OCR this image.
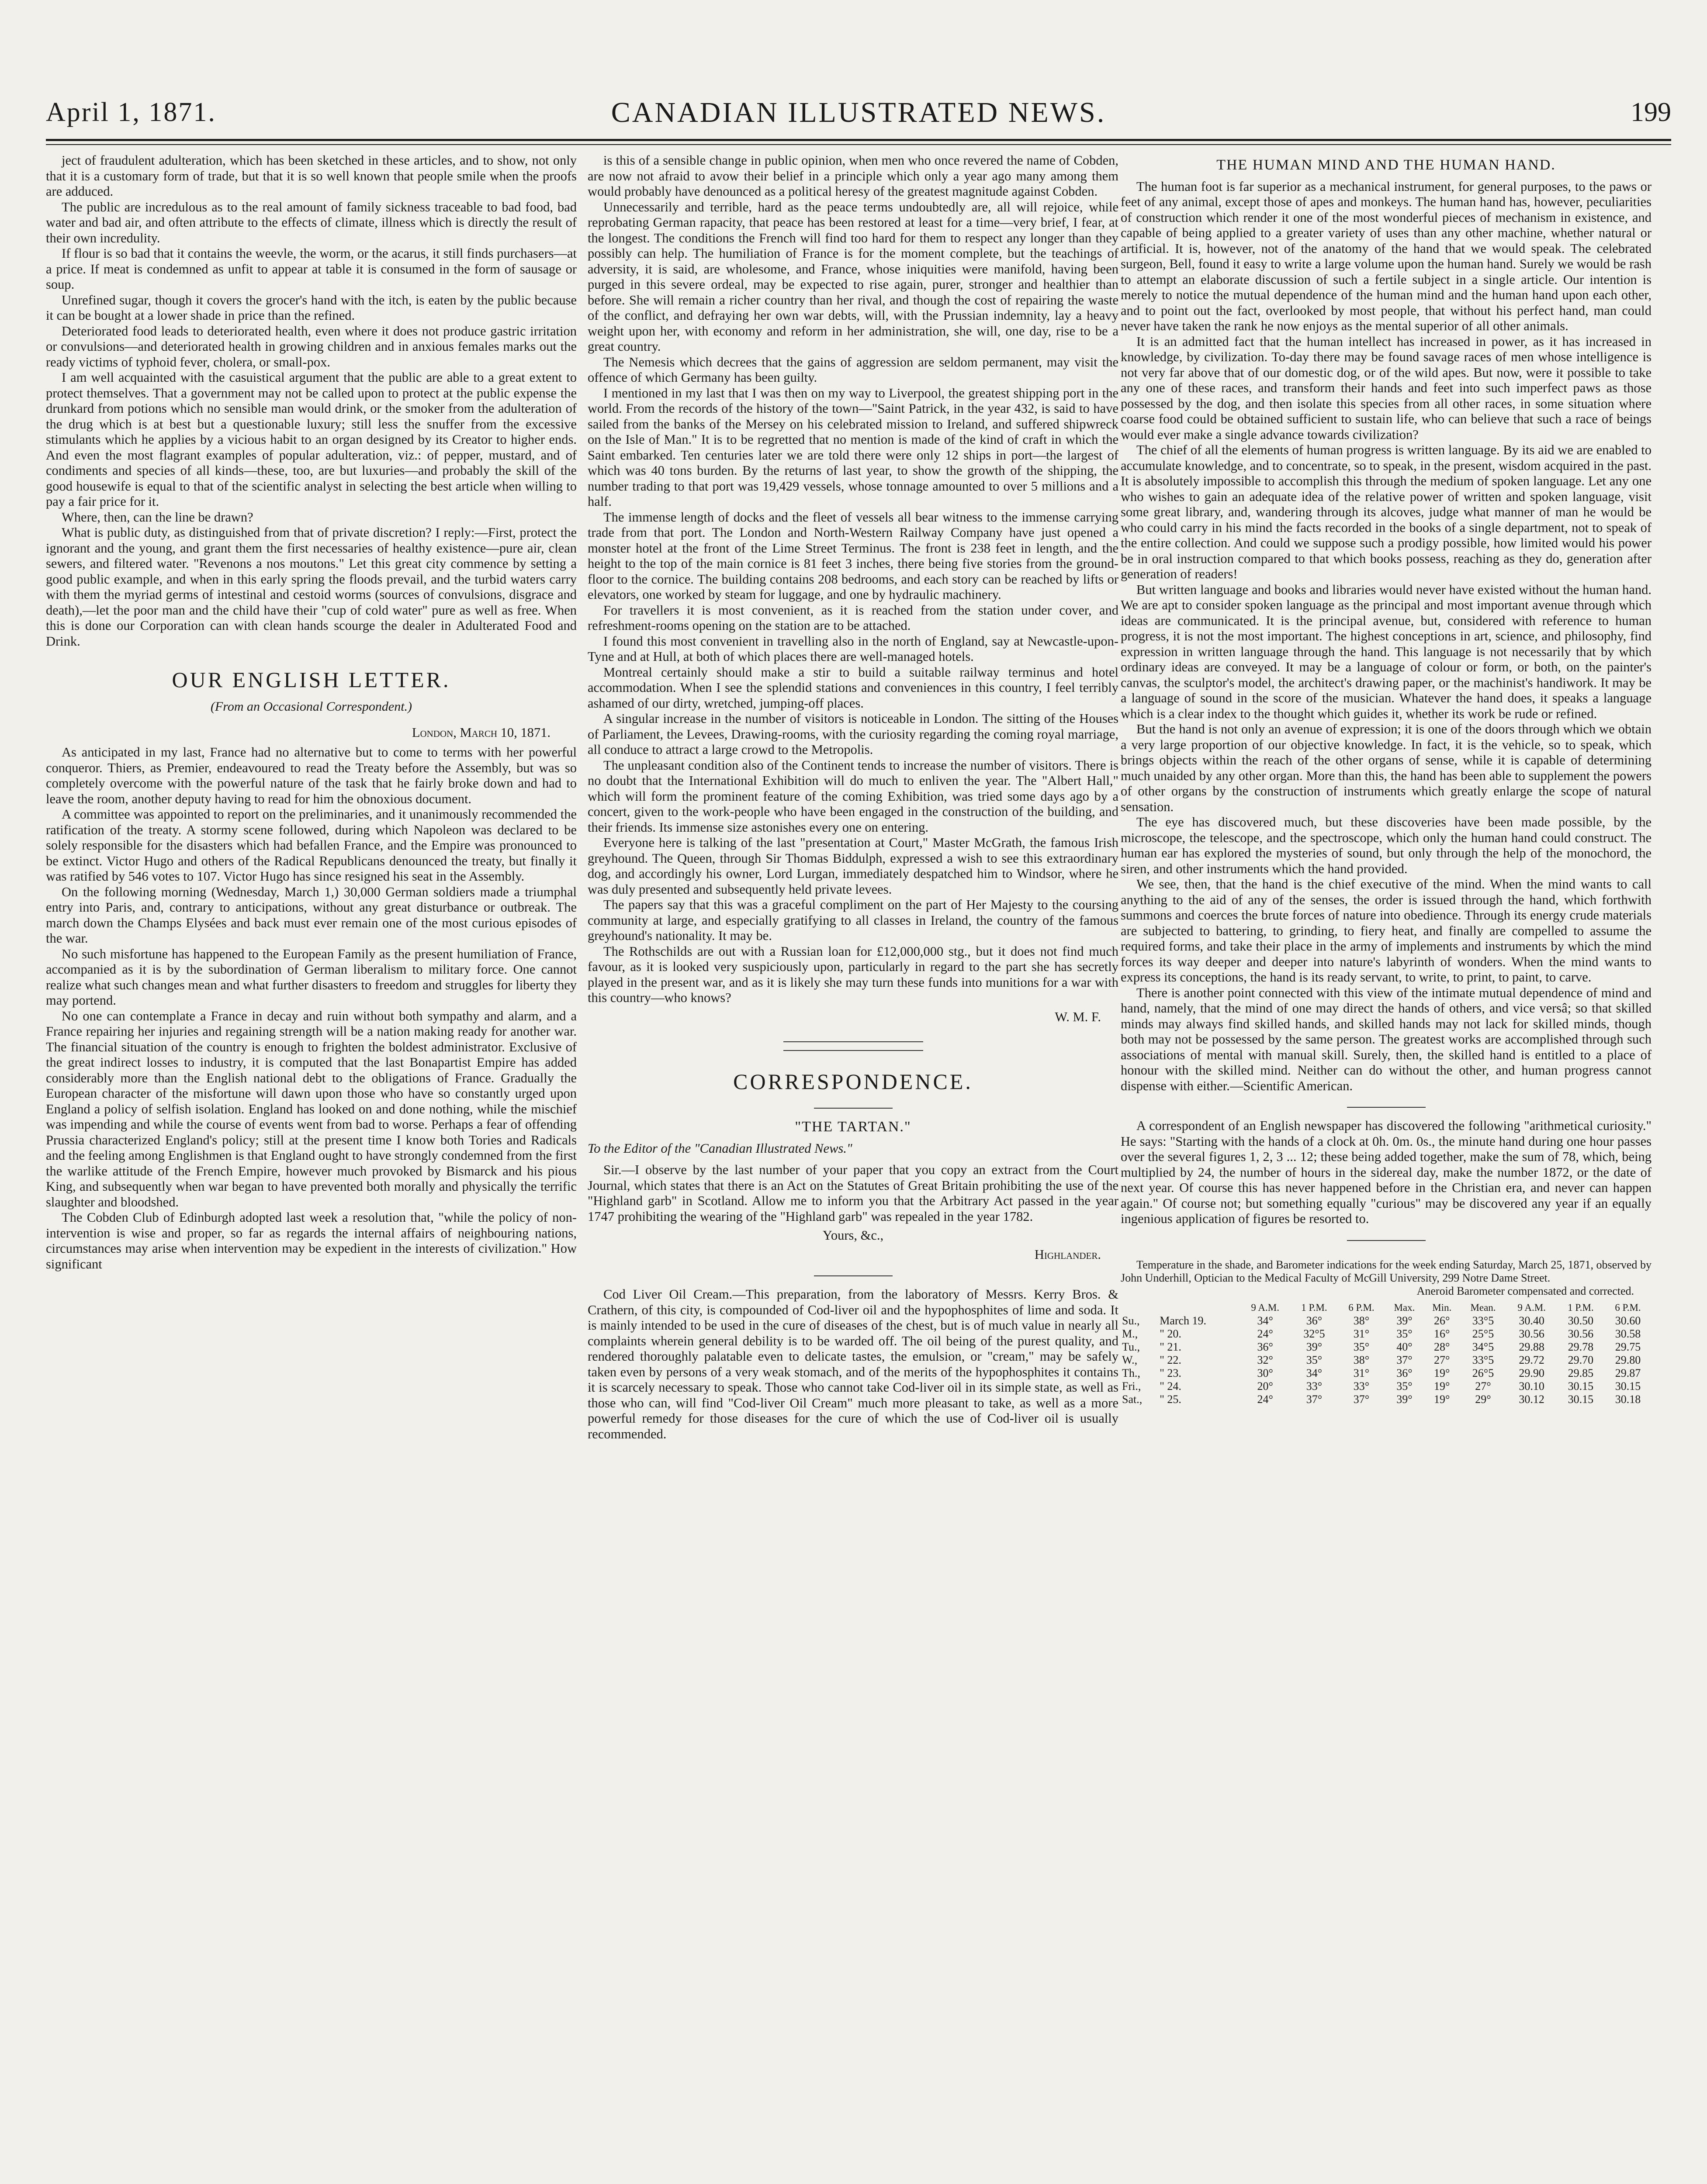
April 1, 1871.	CANADIAN ILLUSTRATED NEWS.	199

ject of fraudulent adulteration, which has been sketched in these articles, and to show, not only that it is a customary form of trade, but that it is so well known that people smile when the proofs are adduced.

The public are incredulous as to the real amount of family sickness traceable to bad food, bad water and bad air, and often attribute to the effects of climate, illness which is directly the result of their own incredulity.

If flour is so bad that it contains the weevle, the worm, or the acarus, it still finds purchasers—at a price. If meat is condemned as unfit to appear at table it is consumed in the form of sausage or soup.

Unrefined sugar, though it covers the grocer's hand with the itch, is eaten by the public because it can be bought at a lower shade in price than the refined.

Deteriorated food leads to deteriorated health, even where it does not produce gastric irritation or convulsions—and deteriorated health in growing children and in anxious females marks out the ready victims of typhoid fever, cholera, or small-pox.

I am well acquainted with the casuistical argument that the public are able to a great extent to protect themselves. That a government may not be called upon to protect at the public expense the drunkard from potions which no sensible man would drink, or the smoker from the adulteration of the drug which is at best but a questionable luxury; still less the snuffer from the excessive stimulants which he applies by a vicious habit to an organ designed by its Creator to higher ends. And even the most flagrant examples of popular adulteration, viz.: of pepper, mustard, and of condiments and species of all kinds—these, too, are but luxuries—and probably the skill of the good housewife is equal to that of the scientific analyst in selecting the best article when willing to pay a fair price for it.

Where, then, can the line be drawn?

What is public duty, as distinguished from that of private discretion? I reply:—First, protect the ignorant and the young, and grant them the first necessaries of healthy existence—pure air, clean sewers, and filtered water. "Revenons a nos moutons." Let this great city commence by setting a good public example, and when in this early spring the floods prevail, and the turbid waters carry with them the myriad germs of intestinal and cestoid worms (sources of convulsions, disgrace and death),—let the poor man and the child have their "cup of cold water" pure as well as free. When this is done our Corporation can with clean hands scourge the dealer in Adulterated Food and Drink.

OUR ENGLISH LETTER.
(From an Occasional Correspondent.)

London, March 10, 1871.

As anticipated in my last, France had no alternative but to come to terms with her powerful conqueror. Thiers, as Premier, endeavoured to read the Treaty before the Assembly, but was so completely overcome with the powerful nature of the task that he fairly broke down and had to leave the room, another deputy having to read for him the obnoxious document.

A committee was appointed to report on the preliminaries, and it unanimously recommended the ratification of the treaty. A stormy scene followed, during which Napoleon was declared to be solely responsible for the disasters which had befallen France, and the Empire was pronounced to be extinct. Victor Hugo and others of the Radical Republicans denounced the treaty, but finally it was ratified by 546 votes to 107. Victor Hugo has since resigned his seat in the Assembly.

On the following morning (Wednesday, March 1,) 30,000 German soldiers made a triumphal entry into Paris, and, contrary to anticipations, without any great disturbance or outbreak. The march down the Champs Elysées and back must ever remain one of the most curious episodes of the war.

No such misfortune has happened to the European Family as the present humiliation of France, accompanied as it is by the subordination of German liberalism to military force. One cannot realize what such changes mean and what further disasters to freedom and struggles for liberty they may portend.

No one can contemplate a France in decay and ruin without both sympathy and alarm, and a France repairing her injuries and regaining strength will be a nation making ready for another war. The financial situation of the country is enough to frighten the boldest administrator. Exclusive of the great indirect losses to industry, it is computed that the last Bonapartist Empire has added considerably more than the English national debt to the obligations of France. Gradually the European character of the misfortune will dawn upon those who have so constantly urged upon England a policy of selfish isolation. England has looked on and done nothing, while the mischief was impending and while the course of events went from bad to worse. Perhaps a fear of offending Prussia characterized England's policy; still at the present time I know both Tories and Radicals and the feeling among Englishmen is that England ought to have strongly condemned from the first the warlike attitude of the French Empire, however much provoked by Bismarck and his pious King, and subsequently when war began to have prevented both morally and physically the terrific slaughter and bloodshed.

The Cobden Club of Edinburgh adopted last week a resolution that, "while the policy of non-intervention is wise and proper, so far as regards the internal affairs of neighbouring nations, circumstances may arise when intervention may be expedient in the interests of civilization." How significant

is this of a sensible change in public opinion, when men who once revered the name of Cobden, are now not afraid to avow their belief in a principle which only a year ago many among them would probably have denounced as a political heresy of the greatest magnitude against Cobden.

Unnecessarily and terrible, hard as the peace terms undoubtedly are, all will rejoice, while reprobating German rapacity, that peace has been restored at least for a time—very brief, I fear, at the longest. The conditions the French will find too hard for them to respect any longer than they possibly can help. The humiliation of France is for the moment complete, but the teachings of adversity, it is said, are wholesome, and France, whose iniquities were manifold, having been purged in this severe ordeal, may be expected to rise again, purer, stronger and healthier than before. She will remain a richer country than her rival, and though the cost of repairing the waste of the conflict, and defraying her own war debts, will, with the Prussian indemnity, lay a heavy weight upon her, with economy and reform in her administration, she will, one day, rise to be a great country.

The Nemesis which decrees that the gains of aggression are seldom permanent, may visit the offence of which Germany has been guilty.

I mentioned in my last that I was then on my way to Liverpool, the greatest shipping port in the world. From the records of the history of the town—"Saint Patrick, in the year 432, is said to have sailed from the banks of the Mersey on his celebrated mission to Ireland, and suffered shipwreck on the Isle of Man." It is to be regretted that no mention is made of the kind of craft in which the Saint embarked. Ten centuries later we are told there were only 12 ships in port—the largest of which was 40 tons burden. By the returns of last year, to show the growth of the shipping, the number trading to that port was 19,429 vessels, whose tonnage amounted to over 5 millions and a half.

The immense length of docks and the fleet of vessels all bear witness to the immense carrying trade from that port. The London and North-Western Railway Company have just opened a monster hotel at the front of the Lime Street Terminus. The front is 238 feet in length, and the height to the top of the main cornice is 81 feet 3 inches, there being five stories from the ground-floor to the cornice. The building contains 208 bedrooms, and each story can be reached by lifts or elevators, one worked by steam for luggage, and one by hydraulic machinery.

For travellers it is most convenient, as it is reached from the station under cover, and refreshment-rooms opening on the station are to be attached.

I found this most convenient in travelling also in the north of England, say at Newcastle-upon-Tyne and at Hull, at both of which places there are well-managed hotels.

Montreal certainly should make a stir to build a suitable railway terminus and hotel accommodation. When I see the splendid stations and conveniences in this country, I feel terribly ashamed of our dirty, wretched, jumping-off places.

A singular increase in the number of visitors is noticeable in London. The sitting of the Houses of Parliament, the Levees, Drawing-rooms, with the curiosity regarding the coming royal marriage, all conduce to attract a large crowd to the Metropolis.

The unpleasant condition also of the Continent tends to increase the number of visitors. There is no doubt that the International Exhibition will do much to enliven the year. The "Albert Hall," which will form the prominent feature of the coming Exhibition, was tried some days ago by a concert, given to the work-people who have been engaged in the construction of the building, and their friends. Its immense size astonishes every one on entering.

Everyone here is talking of the last "presentation at Court," Master McGrath, the famous Irish greyhound. The Queen, through Sir Thomas Biddulph, expressed a wish to see this extraordinary dog, and accordingly his owner, Lord Lurgan, immediately despatched him to Windsor, where he was duly presented and subsequently held private levees.

The papers say that this was a graceful compliment on the part of Her Majesty to the coursing community at large, and especially gratifying to all classes in Ireland, the country of the famous greyhound's nationality. It may be.

The Rothschilds are out with a Russian loan for £12,000,000 stg., but it does not find much favour, as it is looked very suspiciously upon, particularly in regard to the part she has secretly played in the present war, and as it is likely she may turn these funds into munitions for a war with this country—who knows?

W. M. F.

CORRESPONDENCE.
"THE TARTAN."

To the Editor of the "Canadian Illustrated News."

Sir.—I observe by the last number of your paper that you copy an extract from the Court Journal, which states that there is an Act on the Statutes of Great Britain prohibiting the use of the "Highland garb" in Scotland. Allow me to inform you that the Arbitrary Act passed in the year 1747 prohibiting the wearing of the "Highland garb" was repealed in the year 1782.

Yours, &c.,

Highlander.

Cod Liver Oil Cream.—This preparation, from the laboratory of Messrs. Kerry Bros. & Crathern, of this city, is compounded of Cod-liver oil and the hypophosphites of lime and soda. It is mainly intended to be used in the cure of diseases of the chest, but is of much value in nearly all complaints wherein general debility is to be warded off. The oil being of the purest quality, and rendered thoroughly palatable even to delicate tastes, the emulsion, or "cream," may be safely taken even by persons of a very weak stomach, and of the merits of the hypophosphites it contains it is scarcely necessary to speak. Those who cannot take Cod-liver oil in its simple state, as well as those who can, will find "Cod-liver Oil Cream" much more pleasant to take, as well as a more powerful remedy for those diseases for the cure of which the use of Cod-liver oil is usually recommended.

THE HUMAN MIND AND THE HUMAN HAND.

The human foot is far superior as a mechanical instrument, for general purposes, to the paws or feet of any animal, except those of apes and monkeys. The human hand has, however, peculiarities of construction which render it one of the most wonderful pieces of mechanism in existence, and capable of being applied to a greater variety of uses than any other machine, whether natural or artificial. It is, however, not of the anatomy of the hand that we would speak. The celebrated surgeon, Bell, found it easy to write a large volume upon the human hand. Surely we would be rash to attempt an elaborate discussion of such a fertile subject in a single article. Our intention is merely to notice the mutual dependence of the human mind and the human hand upon each other, and to point out the fact, overlooked by most people, that without his perfect hand, man could never have taken the rank he now enjoys as the mental superior of all other animals.

It is an admitted fact that the human intellect has increased in power, as it has increased in knowledge, by civilization. To-day there may be found savage races of men whose intelligence is not very far above that of our domestic dog, or of the wild apes. But now, were it possible to take any one of these races, and transform their hands and feet into such imperfect paws as those possessed by the dog, and then isolate this species from all other races, in some situation where coarse food could be obtained sufficient to sustain life, who can believe that such a race of beings would ever make a single advance towards civilization?

The chief of all the elements of human progress is written language. By its aid we are enabled to accumulate knowledge, and to concentrate, so to speak, in the present, wisdom acquired in the past. It is absolutely impossible to accomplish this through the medium of spoken language. Let any one who wishes to gain an adequate idea of the relative power of written and spoken language, visit some great library, and, wandering through its alcoves, judge what manner of man he would be who could carry in his mind the facts recorded in the books of a single department, not to speak of the entire collection. And could we suppose such a prodigy possible, how limited would his power be in oral instruction compared to that which books possess, reaching as they do, generation after generation of readers!

But written language and books and libraries would never have existed without the human hand. We are apt to consider spoken language as the principal and most important avenue through which ideas are communicated. It is the principal avenue, but, considered with reference to human progress, it is not the most important. The highest conceptions in art, science, and philosophy, find expression in written language through the hand. This language is not necessarily that by which ordinary ideas are conveyed. It may be a language of colour or form, or both, on the painter's canvas, the sculptor's model, the architect's drawing paper, or the machinist's handiwork. It may be a language of sound in the score of the musician. Whatever the hand does, it speaks a language which is a clear index to the thought which guides it, whether its work be rude or refined.

But the hand is not only an avenue of expression; it is one of the doors through which we obtain a very large proportion of our objective knowledge. In fact, it is the vehicle, so to speak, which brings objects within the reach of the other organs of sense, while it is capable of determining much unaided by any other organ. More than this, the hand has been able to supplement the powers of other organs by the construction of instruments which greatly enlarge the scope of natural sensation.

The eye has discovered much, but these discoveries have been made possible, by the microscope, the telescope, and the spectroscope, which only the human hand could construct. The human ear has explored the mysteries of sound, but only through the help of the monochord, the siren, and other instruments which the hand provided.

We see, then, that the hand is the chief executive of the mind. When the mind wants to call anything to the aid of any of the senses, the order is issued through the hand, which forthwith summons and coerces the brute forces of nature into obedience. Through its energy crude materials are subjected to battering, to grinding, to fiery heat, and finally are compelled to assume the required forms, and take their place in the army of implements and instruments by which the mind forces its way deeper and deeper into nature's labyrinth of wonders. When the mind wants to express its conceptions, the hand is its ready servant, to write, to print, to paint, to carve.

There is another point connected with this view of the intimate mutual dependence of mind and hand, namely, that the mind of one may direct the hands of others, and vice versâ; so that skilled minds may always find skilled hands, and skilled hands may not lack for skilled minds, though both may not be possessed by the same person. The greatest works are accomplished through such associations of mental with manual skill. Surely, then, the skilled hand is entitled to a place of honour with the skilled mind. Neither can do without the other, and human progress cannot dispense with either.—Scientific American.

A correspondent of an English newspaper has discovered the following "arithmetical curiosity." He says: "Starting with the hands of a clock at 0h. 0m. 0s., the minute hand during one hour passes over the several figures 1, 2, 3 ... 12; these being added together, make the sum of 78, which, being multiplied by 24, the number of hours in the sidereal day, make the number 1872, or the date of next year. Of course this has never happened before in the Christian era, and never can happen again." Of course not; but something equally "curious" may be discovered any year if an equally ingenious application of figures be resorted to.

Temperature in the shade, and Barometer indications for the week ending Saturday, March 25, 1871, observed by John Underhill, Optician to the Medical Faculty of McGill University, 299 Notre Dame Street.

Aneroid Barometer compensated and corrected.

		9 A.M.	1 P.M.	6 P.M.	Max.	Min.	Mean.	9 A.M.	1 P.M.	6 P.M.
Su.,	March 19.	34°	36°	38°	39°	26°	33°5	30.40	30.50	30.60
M.,	" 20.	24°	32°5	31°	35°	16°	25°5	30.56	30.56	30.58
Tu.,	" 21.	36°	39°	35°	40°	28°	34°5	29.88	29.78	29.75
W.,	" 22.	32°	35°	38°	37°	27°	33°5	29.72	29.70	29.80
Th.,	" 23.	30°	34°	31°	36°	19°	26°5	29.90	29.85	29.87
Fri.,	" 24.	20°	33°	33°	35°	19°	27°	30.10	30.15	30.15
Sat.,	" 25.	24°	37°	37°	39°	19°	29°	30.12	30.15	30.18
